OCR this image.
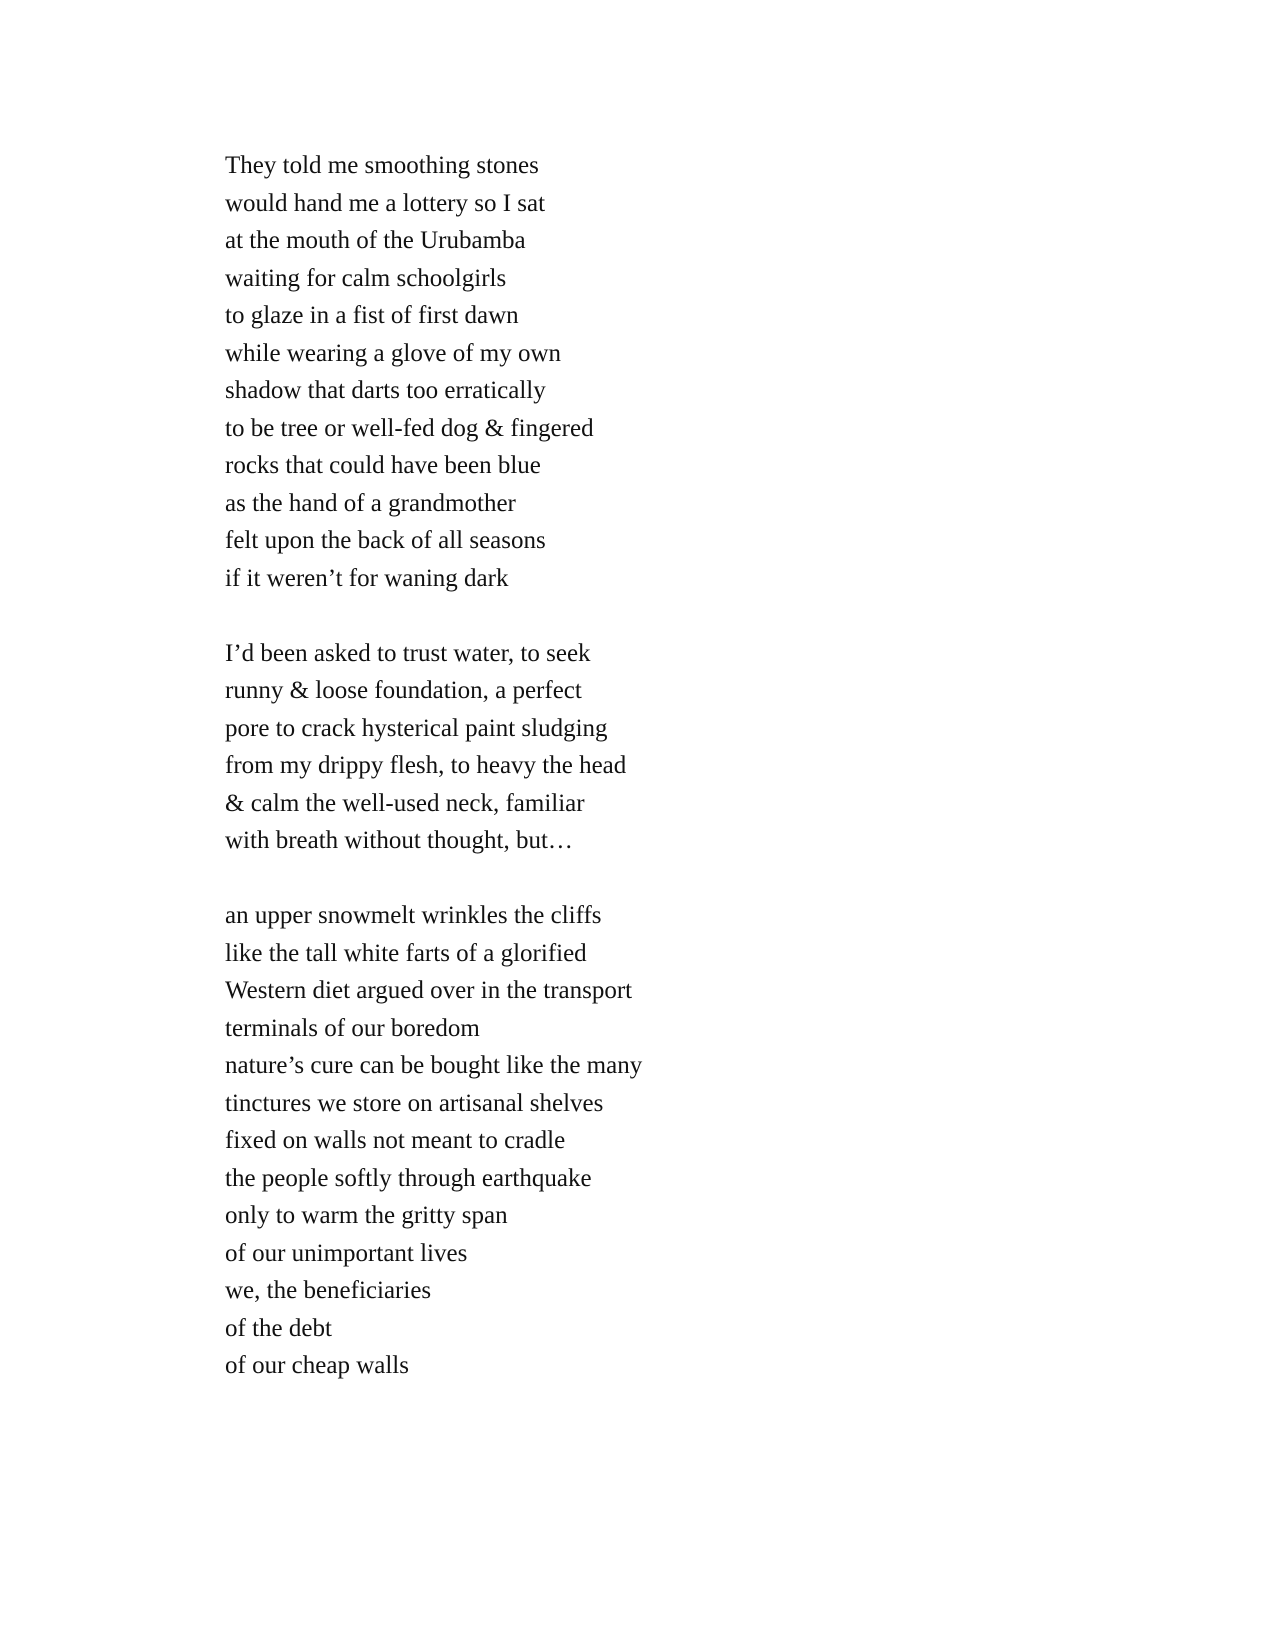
They told me smoothing stones
would hand me a lottery so I sat
at the mouth of the Urubamba
waiting for calm schoolgirls
to glaze in a fist of first dawn
while wearing a glove of my own
shadow that darts too erratically
to be tree or well-fed dog & fingered
rocks that could have been blue
as the hand of a grandmother
felt upon the back of all seasons
if it weren’t for waning dark
I’d been asked to trust water, to seek
runny & loose foundation, a perfect
pore to crack hysterical paint sludging
from my drippy flesh, to heavy the head
& calm the well-used neck, familiar
with breath without thought, but…
an upper snowmelt wrinkles the cliffs
like the tall white farts of a glorified
Western diet argued over in the transport
terminals of our boredom
nature’s cure can be bought like the many
tinctures we store on artisanal shelves
fixed on walls not meant to cradle
the people softly through earthquake
only to warm the gritty span
of our unimportant lives
we, the beneficiaries
of the debt
of our cheap walls
